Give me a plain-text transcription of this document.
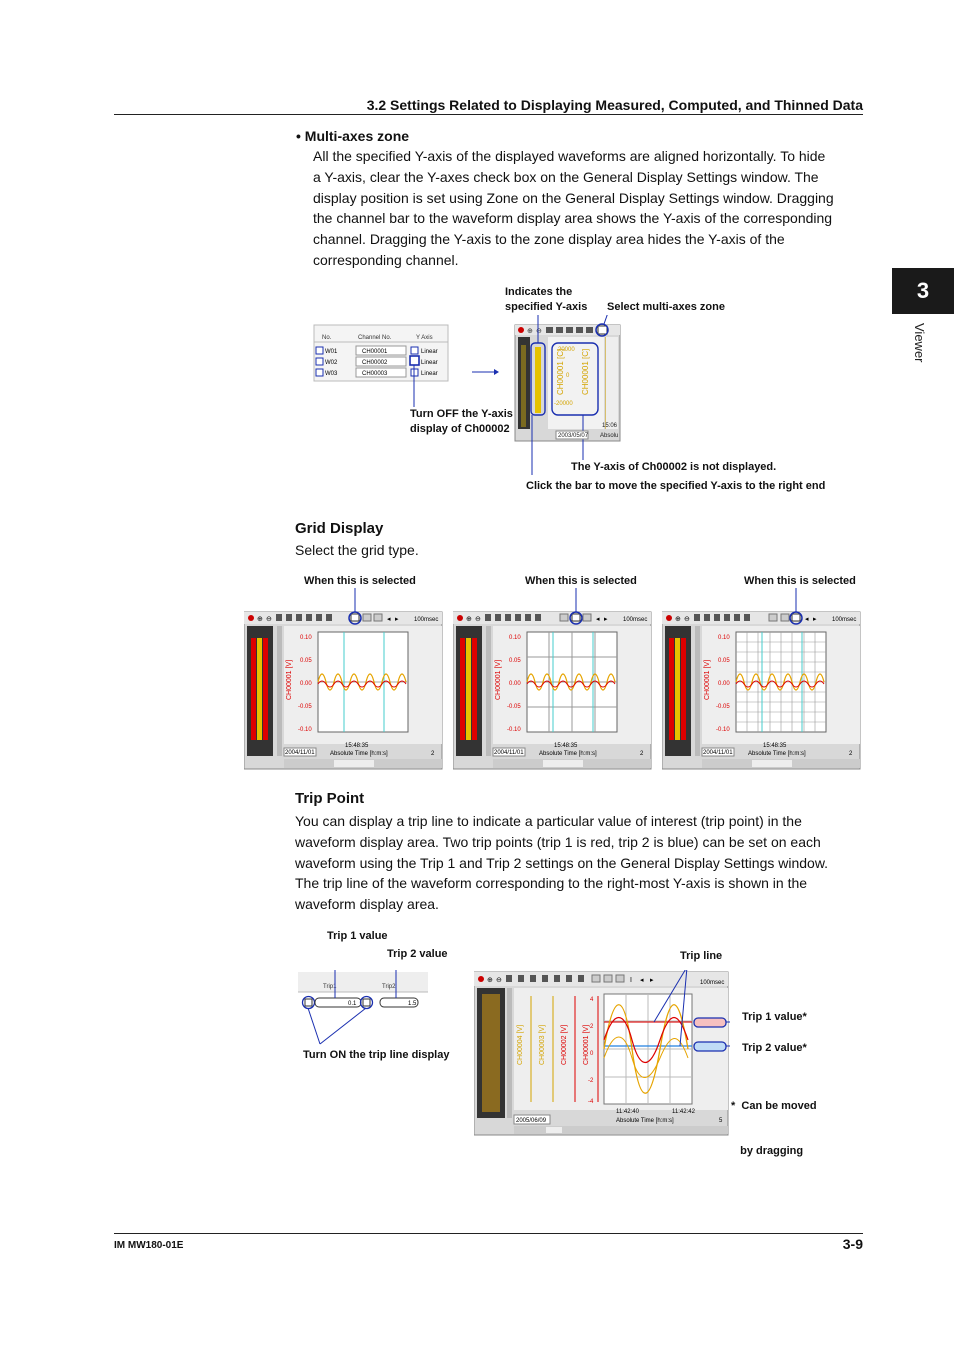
3.2 Settings Related to Displaying Measured, Computed, and Thinned Data
3
Viewer
• Multi-axes zone
All the specified Y-axis of the displayed waveforms are aligned horizontally. To hide
a Y-axis, clear the Y-axes check box on the General Display Settings window. The
display position is set using Zone on the General Display Settings window. Dragging
the channel bar to the waveform display area shows the Y-axis of the corresponding
channel. Dragging the Y-axis to the zone display area hides the Y-axis of the
corresponding channel.
Indicates the
specified Y-axis Select multi-axes zone
Turn OFF the Y-axis
display of Ch00002
The Y-axis of Ch00002 is not displayed.
Click the bar to move the specified Y-axis to the right end
No.	Channel No.	Y Axis
W01	CH00001	Linear
W02	CH00002	Linear
W03	CH00003	Linear
⊕ ⊖
CH00001 [C]
20000
0
-20000
CH00001 [C]
15:06
Absolu
2003/05/07
Grid Display
Select the grid type.
When this is selected	When this is selected	When this is selected
⊕ ⊖	◂ ▸	100msec
CH00001 [V]
0.10
0.05
0.00
-0.05
-0.10
15:48:35
2004/11/01	Absolute Time [h:m:s]	2
⊕ ⊖	◂ ▸	100msec
CH00001 [V]
0.10
0.05
0.00
-0.05
-0.10
15:48:35
2004/11/01	Absolute Time [h:m:s]	2
⊕ ⊖	◂ ▸	100msec
CH00001 [V]
0.10
0.05
0.00
-0.05
-0.10
15:48:35
2004/11/01	Absolute Time [h:m:s]	2
Trip Point
You can display a trip line to indicate a particular value of interest (trip point) in the
waveform display area. Two trip points (trip 1 is red, trip 2 is blue) can be set on each
waveform using the Trip 1 and Trip 2 settings on the General Display Settings window.
The trip line of the waveform corresponding to the right-most Y-axis is shown in the
waveform display area.
Trip 1 value
Trip 2 value
Turn ON the trip line display
Trip line
Trip 1 value*
Trip 2 value*

*  Can be moved

by dragging

Trip1	Trip2
0.1	1.5
⊕ ⊖	I ◂ ▸	100msec
CH00004 [V] CH00003 [V] CH00002 [V] CH00001 [V]
4
2
0
-2
-4
11:42:40	11:42:42
2005/06/09	Absolute Time [h:m:s]	5
IM MW180-01E	3-9
